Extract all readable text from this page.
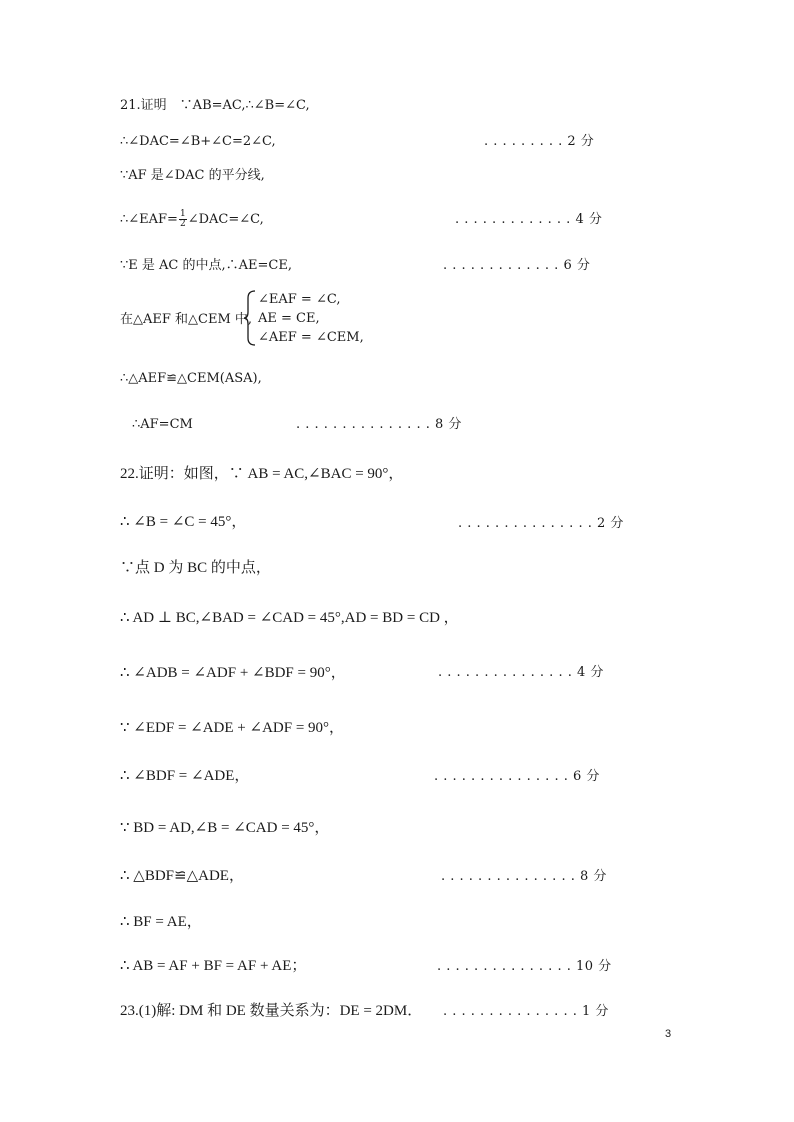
21.证明　∵AB=AC,∴∠B=∠C,
∴∠DAC=∠B+∠C=2∠C,	. . . . . . . . . 2 分
∵AF 是∠DAC 的平分线,
∴∠EAF= $\frac{1}{2}$ ∠DAC=∠C,	. . . . . . . . . . . . . 4 分
∵E 是 AC 的中点,∴AE=CE,	. . . . . . . . . . . . . 6 分
在△AEF 和△CEM 中,
∠EAF = ∠C,
AE = CE,
∠AEF = ∠CEM,
∴△AEF≌△CEM(ASA),
∴AF=CM	. . . . . . . . . . . . . . . 8 分
22.证明：如图，∵ AB = AC,∠BAC = 90°，
∴ ∠B = ∠C = 45°，	. . . . . . . . . . . . . . . 2 分
∵点 D 为 BC 的中点，
∴ AD ⊥ BC,∠BAD = ∠CAD = 45°,AD = BD = CD ，
∴ ∠ADB = ∠ADF + ∠BDF = 90°，	. . . . . . . . . . . . . . . 4 分
∵ ∠EDF = ∠ADE + ∠ADF = 90°，
∴ ∠BDF = ∠ADE，	. . . . . . . . . . . . . . . 6 分
∵ BD = AD,∠B = ∠CAD = 45°，
∴ △BDF≌△ADE，	. . . . . . . . . . . . . . . 8 分
∴ BF = AE，
∴ AB = AF + BF = AF + AE；	. . . . . . . . . . . . . . . 10 分
23.(1)解: DM 和 DE 数量关系为：DE = 2DM． . . . . . . . . . . . . . . . 1 分
3
